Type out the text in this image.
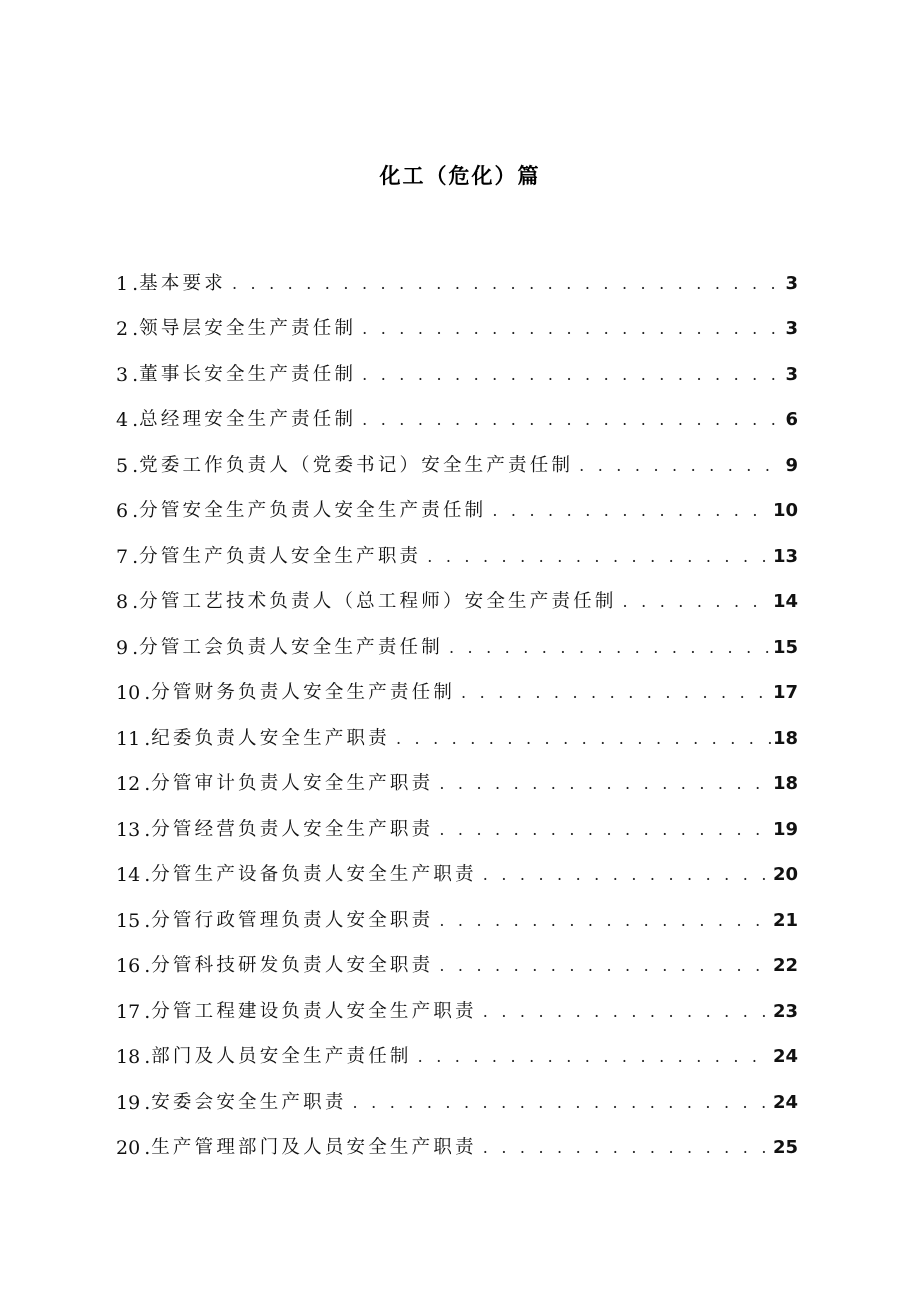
化工（危化）篇
1 . 基本要求 . . .	3
2 . 领导层安全生产责任制 . . .	3
3 . 董事长安全生产责任制 . . .	3
4 . 总经理安全生产责任制 . . .	6
5 . 党委工作负责人（党委书记）安全生产责任制 . . .	9
6 . 分管安全生产负责人安全生产责任制 . . .	10
7 . 分管生产负责人安全生产职责 . . .	13
8 . 分管工艺技术负责人（总工程师）安全生产责任制 . . .	14
9 . 分管工会负责人安全生产责任制 . . .	15
10 . 分管财务负责人安全生产责任制 . . .	17
11 . 纪委负责人安全生产职责 . . .	18
12 . 分管审计负责人安全生产职责 . . .	18
13 . 分管经营负责人安全生产职责 . . .	19
14 . 分管生产设备负责人安全生产职责 . . .	20
15 . 分管行政管理负责人安全职责 . . .	21
16 . 分管科技研发负责人安全职责 . . .	22
17 . 分管工程建设负责人安全生产职责 . . .	23
18 . 部门及人员安全生产责任制 . . .	24
19 . 安委会安全生产职责 . . .	24
20 . 生产管理部门及人员安全生产职责 . . .	25
